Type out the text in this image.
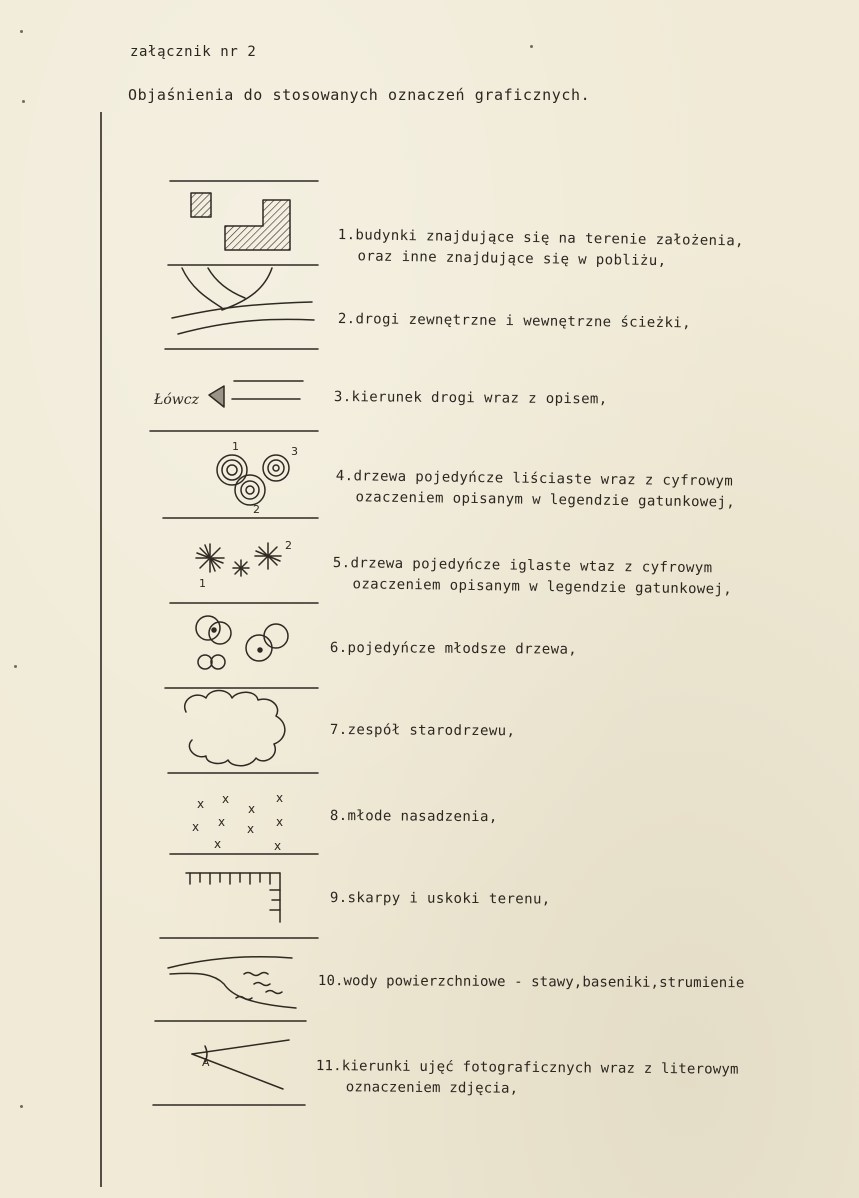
załącznik nr 2
Objaśnienia do stosowanych oznaczeń graficznych.
Łówcz
1	3
2
1
2
x x
x
x
x x x x
x	x
A
1.budynki znajdujące się na terenie założenia,
oraz inne znajdujące się w pobliżu,
2.drogi zewnętrzne i wewnętrzne ścieżki,
3.kierunek drogi wraz z opisem,
4.drzewa pojedyńcze liściaste wraz z cyfrowym
ozaczeniem opisanym w legendzie gatunkowej,
5.drzewa pojedyńcze iglaste wtaz z cyfrowym
ozaczeniem opisanym w legendzie gatunkowej,
6.pojedyńcze młodsze drzewa,
7.zespół starodrzewu,
8.młode nasadzenia,
9.skarpy i uskoki terenu,
10.wody powierzchniowe - stawy,baseniki,strumienie
11.kierunki ujęć fotograficznych wraz z literowym
oznaczeniem zdjęcia,
